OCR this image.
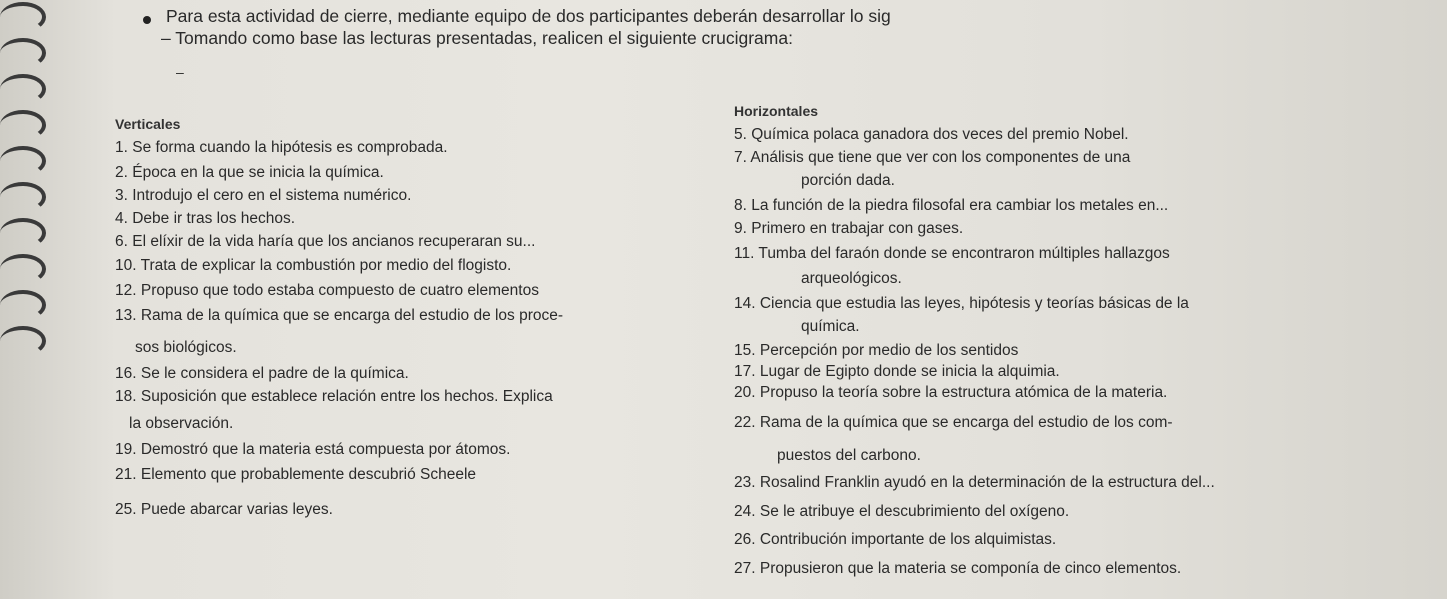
Para esta actividad de cierre, mediante equipo de dos participantes deberán desarrollar lo sig
– Tomando como base las lecturas presentadas, realicen el siguiente crucigrama:
–
Verticales
1. Se forma cuando la hipótesis es comprobada.
2. Época en la que se inicia la química.
3. Introdujo el cero en el sistema numérico.
4. Debe ir tras los hechos.
6. El elíxir de la vida haría que los ancianos recuperaran su...
10. Trata de explicar la combustión por medio del flogisto.
12. Propuso que todo estaba compuesto de cuatro elementos
13. Rama de la química que se encarga del estudio de los proce-
sos biológicos.
16. Se le considera el padre de la química.
18. Suposición que establece relación entre los hechos. Explica
la observación.
19. Demostró que la materia está compuesta por átomos.
21. Elemento que probablemente descubrió Scheele
25. Puede abarcar varias leyes.
Horizontales
5. Química polaca ganadora dos veces del premio Nobel.
7. Análisis que tiene que ver con los componentes de una
porción dada.
8. La función de la piedra filosofal era cambiar los metales en...
9. Primero en trabajar con gases.
11. Tumba del faraón donde se encontraron múltiples hallazgos
arqueológicos.
14. Ciencia que estudia las leyes, hipótesis y teorías básicas de la
química.
15. Percepción por medio de los sentidos
17. Lugar de Egipto donde se inicia la alquimia.
20. Propuso la teoría sobre la estructura atómica de la materia.
22. Rama de la química que se encarga del estudio de los com-
puestos del carbono.
23. Rosalind Franklin ayudó en la determinación de la estructura del...
24. Se le atribuye el descubrimiento del oxígeno.
26. Contribución importante de los alquimistas.
27. Propusieron que la materia se componía de cinco elementos.
